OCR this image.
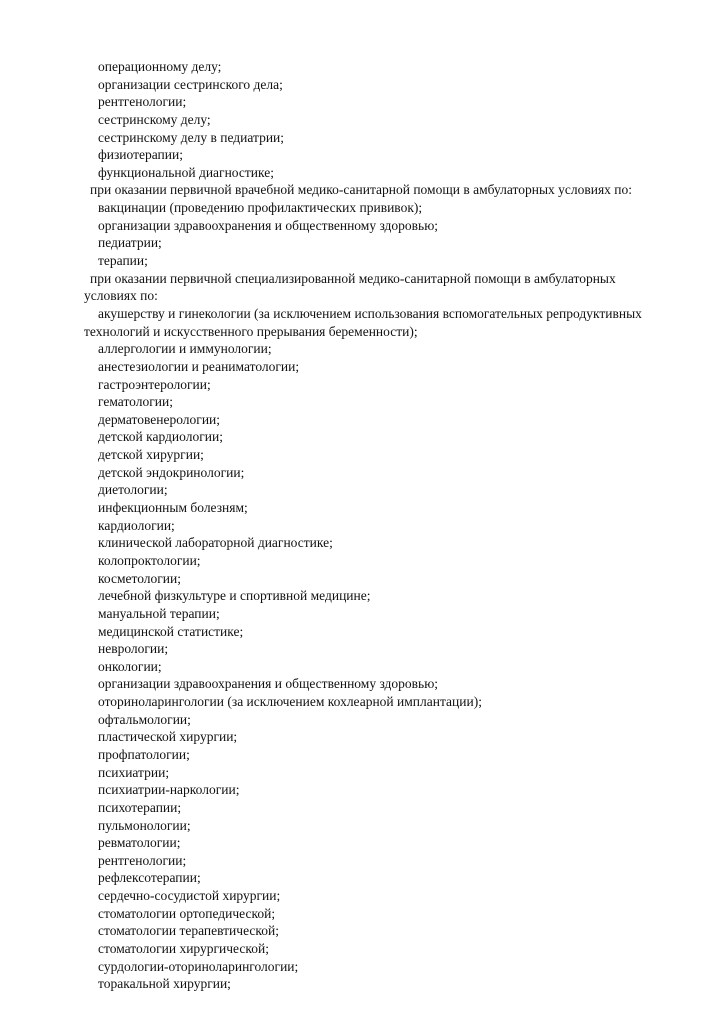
операционному делу;
организации сестринского дела;
рентгенологии;
сестринскому делу;
сестринскому делу в педиатрии;
физиотерапии;
функциональной диагностике;
при оказании первичной врачебной медико-санитарной помощи в амбулаторных условиях по:
вакцинации (проведению профилактических прививок);
организации здравоохранения и общественному здоровью;
педиатрии;
терапии;
при оказании первичной специализированной медико-санитарной помощи в амбулаторных
условиях по:
акушерству и гинекологии (за исключением использования вспомогательных репродуктивных
технологий и искусственного прерывания беременности);
аллергологии и иммунологии;
анестезиологии и реаниматологии;
гастроэнтерологии;
гематологии;
дерматовенерологии;
детской кардиологии;
детской хирургии;
детской эндокринологии;
диетологии;
инфекционным болезням;
кардиологии;
клинической лабораторной диагностике;
колопроктологии;
косметологии;
лечебной физкультуре и спортивной медицине;
мануальной терапии;
медицинской статистике;
неврологии;
онкологии;
организации здравоохранения и общественному здоровью;
оториноларингологии (за исключением кохлеарной имплантации);
офтальмологии;
пластической хирургии;
профпатологии;
психиатрии;
психиатрии-наркологии;
психотерапии;
пульмонологии;
ревматологии;
рентгенологии;
рефлексотерапии;
сердечно-сосудистой хирургии;
стоматологии ортопедической;
стоматологии терапевтической;
стоматологии хирургической;
сурдологии-оториноларингологии;
торакальной хирургии;
